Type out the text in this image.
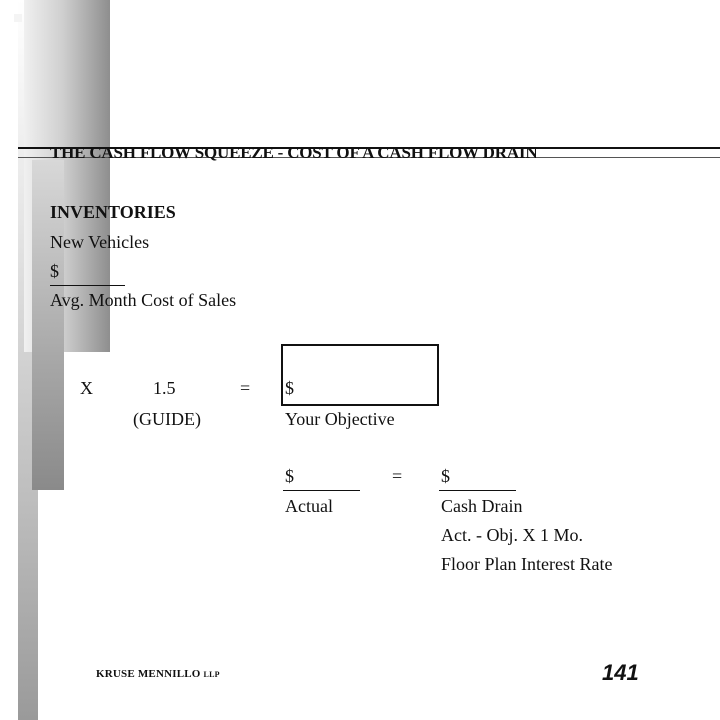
THE CASH FLOW SQUEEZE - COST OF A CASH FLOW DRAIN
INVENTORIES
New Vehicles
$
Avg. Month Cost of Sales
X	1.5
(GUIDE)
= $
Your Objective
$
Actual
= $
Cash Drain
Act. - Obj. X 1 Mo.
Floor Plan Interest Rate
KRUSE MENNILLO LLP	141
